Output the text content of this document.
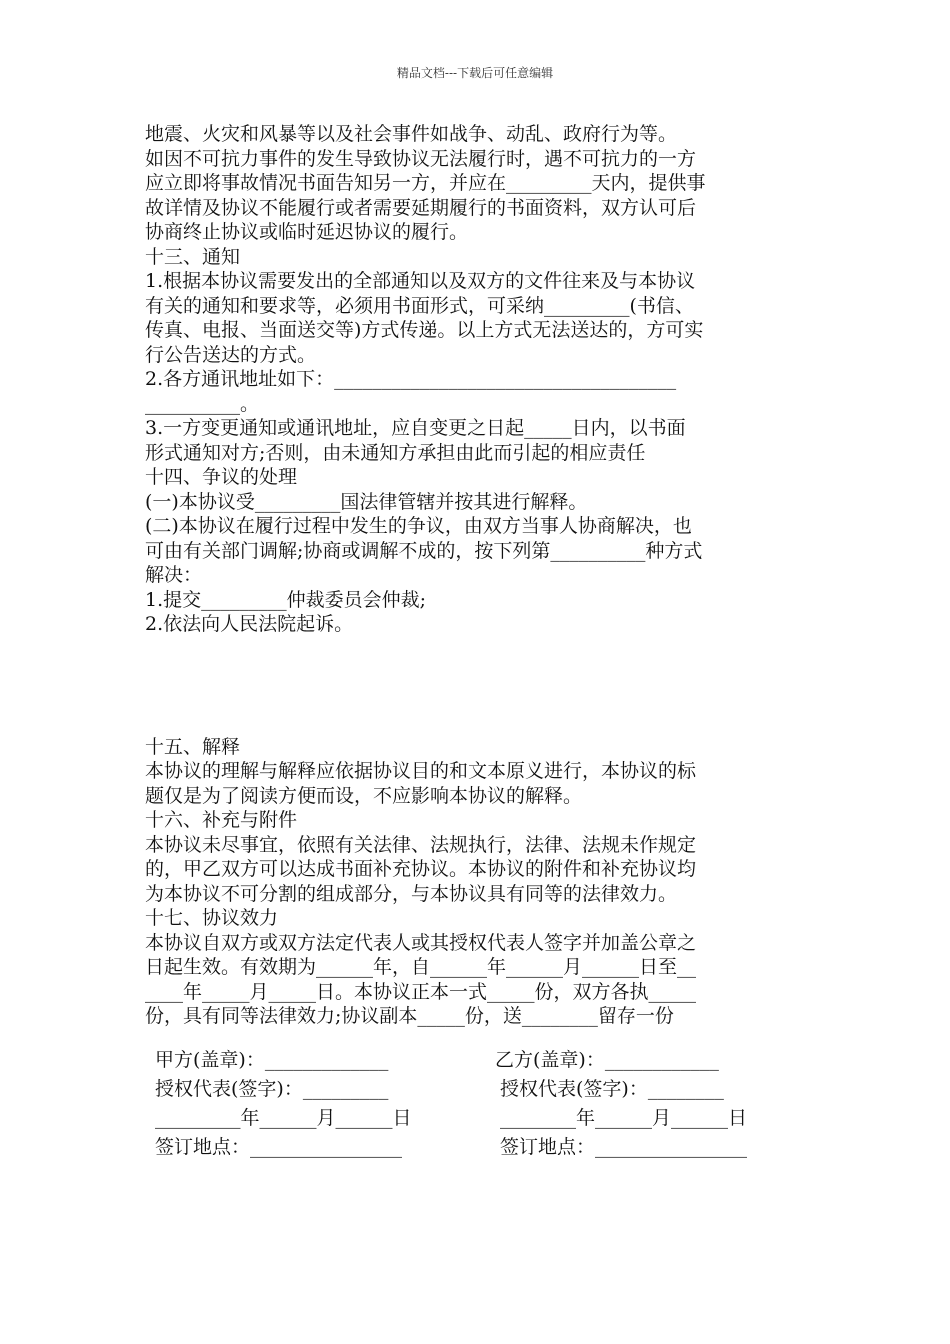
精品文档---下载后可任意编辑

地震、火灾和风暴等以及社会事件如战争、动乱、政府行为等。

如因不可抗力事件的发生导致协议无法履行时，遇不可抗力的一方

应立即将事故情况书面告知另一方，并应在_________天内，提供事

故详情及协议不能履行或者需要延期履行的书面资料，双方认可后

协商终止协议或临时延迟协议的履行。

十三、通知

1.根据本协议需要发出的全部通知以及双方的文件往来及与本协议

有关的通知和要求等，必须用书面形式，可采纳_________(书信、

传真、电报、当面送交等)方式传递。以上方式无法送达的，方可实

行公告送达的方式。

2.各方通讯地址如下：____________________________________

__________。

3.一方变更通知或通讯地址，应自变更之日起_____日内，以书面

形式通知对方;否则，由未通知方承担由此而引起的相应责任

十四、争议的处理

(一)本协议受_________国法律管辖并按其进行解释。

(二)本协议在履行过程中发生的争议，由双方当事人协商解决，也

可由有关部门调解;协商或调解不成的，按下列第__________种方式

解决：

1.提交_________仲裁委员会仲裁;

2.依法向人民法院起诉。

十五、解释

本协议的理解与解释应依据协议目的和文本原义进行，本协议的标

题仅是为了阅读方便而设，不应影响本协议的解释。

十六、补充与附件

本协议未尽事宜，依照有关法律、法规执行，法律、法规未作规定

的，甲乙双方可以达成书面补充协议。本协议的附件和补充协议均

为本协议不可分割的组成部分，与本协议具有同等的法律效力。

十七、协议效力

本协议自双方或双方法定代表人或其授权代表人签字并加盖公章之

日起生效。有效期为______年，自______年______月______日至__

____年_____月_____日。本协议正本一式_____份，双方各执_____

份，具有同等法律效力;协议副本_____份，送________留存一份

甲方(盖章)：_____________	乙方(盖章)：____________
授权代表(签字)：_________	授权代表(签字)：________
_________年______月______日	________年______月______日
签订地点：________________	签订地点：________________
